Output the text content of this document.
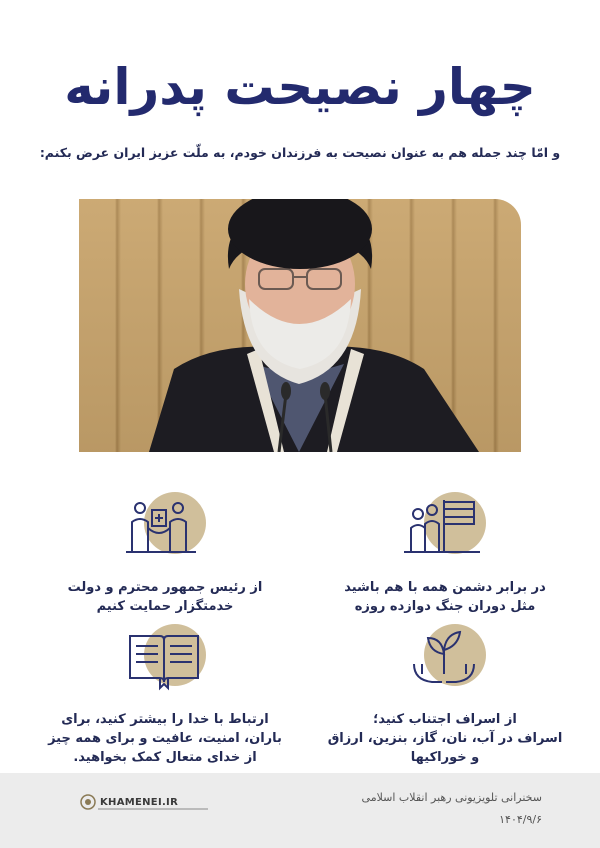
چهار نصیحت پدرانه
و امّا چند جمله هم به عنوان نصیحت به فرزندان خودم، به ملّت عزیز ایران عرض بکنم:
در برابر دشمن همه با هم باشید
مثل دوران جنگ دوازده روزه
از رئیس جمهور محترم و دولت
خدمتگزار حمایت کنیم
از اسراف اجتناب کنید؛
اسراف در آب، نان، گاز، بنزین، ارزاق
و خوراکیها
ارتباط با خدا را بیشتر کنید، برای
باران، امنیت، عافیت و برای همه چیز
از خدای متعال کمک بخواهید.
KHAMENEI.IR	سخنرانی تلویزیونی رهبر انقلاب اسلامی
۱۴۰۴/۹/۶
